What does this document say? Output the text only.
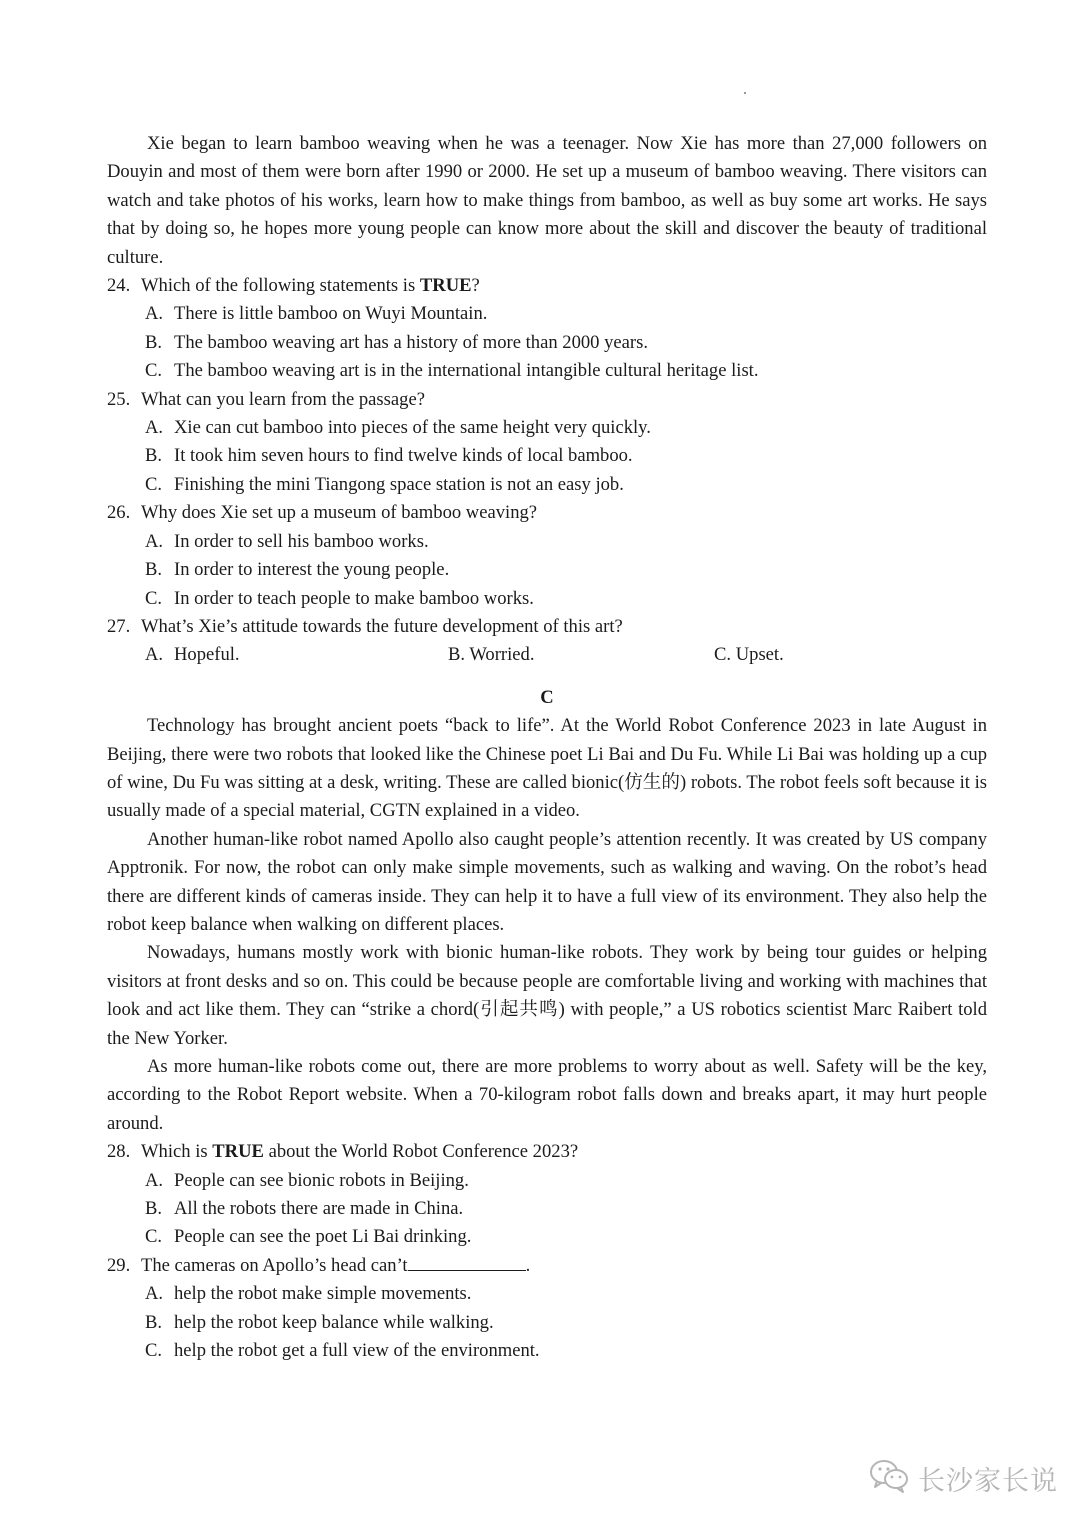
Xie began to learn bamboo weaving when he was a teenager. Now Xie has more than 27,000 followers on Douyin and most of them were born after 1990 or 2000. He set up a museum of bamboo weaving. There visitors can watch and take photos of his works, learn how to make things from bamboo, as well as buy some art works. He says that by doing so, he hopes more young people can know more about the skill and discover the beauty of traditional culture.

24. Which of the following statements is TRUE?

A. There is little bamboo on Wuyi Mountain.

B. The bamboo weaving art has a history of more than 2000 years.

C. The bamboo weaving art is in the international intangible cultural heritage list.

25. What can you learn from the passage?

A. Xie can cut bamboo into pieces of the same height very quickly.

B. It took him seven hours to find twelve kinds of local bamboo.

C. Finishing the mini Tiangong space station is not an easy job.

26. Why does Xie set up a museum of bamboo weaving?

A. In order to sell his bamboo works.

B. In order to interest the young people.

C. In order to teach people to make bamboo works.

27. What’s Xie’s attitude towards the future development of this art?

A. Hopeful.	B. Worried.	C. Upset.

C

Technology has brought ancient poets “back to life”. At the World Robot Conference 2023 in late August in Beijing, there were two robots that looked like the Chinese poet Li Bai and Du Fu. While Li Bai was holding up a cup of wine, Du Fu was sitting at a desk, writing. These are called bionic(仿生的) robots. The robot feels soft because it is usually made of a special material, CGTN explained in a video.

Another human-like robot named Apollo also caught people’s attention recently. It was created by US company Apptronik. For now, the robot can only make simple movements, such as walking and waving. On the robot’s head there are different kinds of cameras inside. They can help it to have a full view of its environment. They also help the robot keep balance when walking on different places.

Nowadays, humans mostly work with bionic human-like robots. They work by being tour guides or helping visitors at front desks and so on. This could be because people are comfortable living and working with machines that look and act like them. They can “strike a chord(引起共鸣) with people,” a US robotics scientist Marc Raibert told the New Yorker.

As more human-like robots come out, there are more problems to worry about as well. Safety will be the key, according to the Robot Report website. When a 70-kilogram robot falls down and breaks apart, it may hurt people around.

28. Which is TRUE about the World Robot Conference 2023?

A. People can see bionic robots in Beijing.

B. All the robots there are made in China.

C. People can see the poet Li Bai drinking.

29. The cameras on Apollo’s head can’t	.

A. help the robot make simple movements.

B. help the robot keep balance while walking.

C. help the robot get a full view of the environment.

长沙家长说
